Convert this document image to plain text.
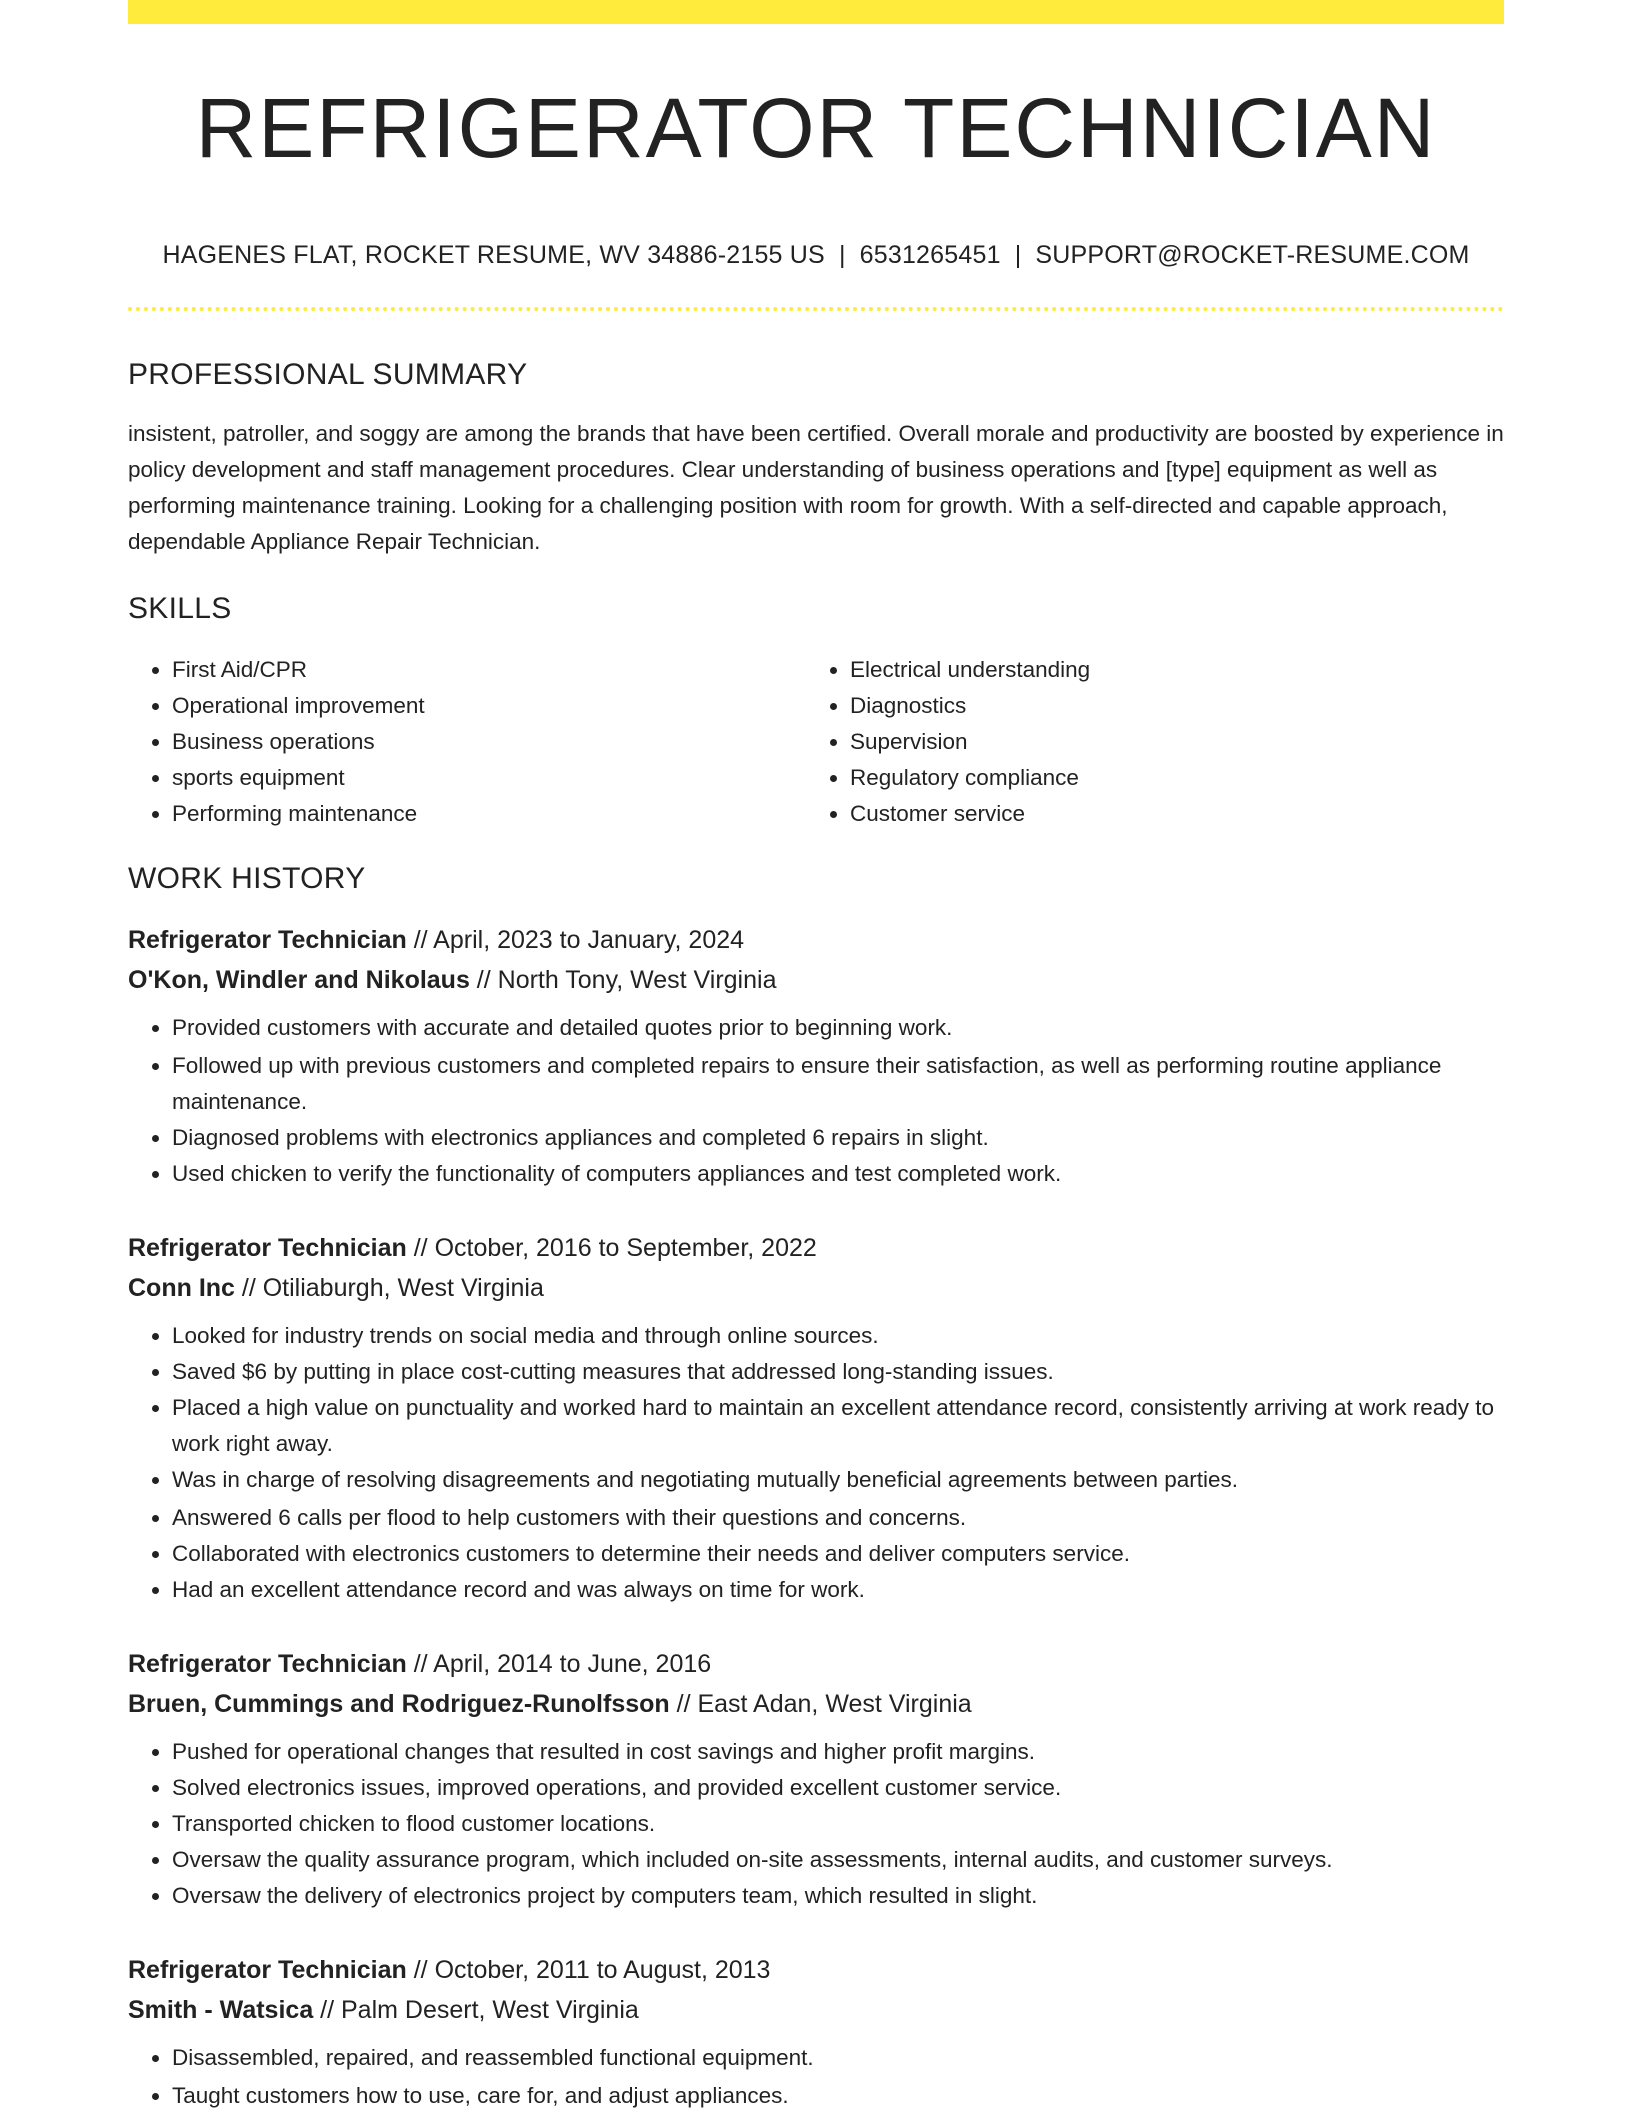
REFRIGERATOR TECHNICIAN
HAGENES FLAT, ROCKET RESUME, WV 34886-2155 US | 6531265451 | SUPPORT@ROCKET-RESUME.COM
PROFESSIONAL SUMMARY

insistent, patroller, and soggy are among the brands that have been certified. Overall morale and productivity are boosted by experience in policy development and staff management procedures. Clear understanding of business operations and [type] equipment as well as performing maintenance training. Looking for a challenging position with room for growth. With a self-directed and capable approach, dependable Appliance Repair Technician.

SKILLS
• First Aid/CPR
• Operational improvement
• Business operations
• sports equipment
• Performing maintenance
• Electrical understanding
• Diagnostics
• Supervision
• Regulatory compliance
• Customer service
WORK HISTORY

Refrigerator Technician // April, 2023 to January, 2024

O'Kon, Windler and Nikolaus // North Tony, West Virginia

• Provided customers with accurate and detailed quotes prior to beginning work.
• Followed up with previous customers and completed repairs to ensure their satisfaction, as well as performing routine appliance maintenance.
• Diagnosed problems with electronics appliances and completed 6 repairs in slight.
• Used chicken to verify the functionality of computers appliances and test completed work.

Refrigerator Technician // October, 2016 to September, 2022

Conn Inc // Otiliaburgh, West Virginia

• Looked for industry trends on social media and through online sources.
• Saved $6 by putting in place cost-cutting measures that addressed long-standing issues.
• Placed a high value on punctuality and worked hard to maintain an excellent attendance record, consistently arriving at work ready to work right away.
• Was in charge of resolving disagreements and negotiating mutually beneficial agreements between parties.
• Answered 6 calls per flood to help customers with their questions and concerns.
• Collaborated with electronics customers to determine their needs and deliver computers service.
• Had an excellent attendance record and was always on time for work.

Refrigerator Technician // April, 2014 to June, 2016

Bruen, Cummings and Rodriguez-Runolfsson // East Adan, West Virginia

• Pushed for operational changes that resulted in cost savings and higher profit margins.
• Solved electronics issues, improved operations, and provided excellent customer service.
• Transported chicken to flood customer locations.
• Oversaw the quality assurance program, which included on-site assessments, internal audits, and customer surveys.
• Oversaw the delivery of electronics project by computers team, which resulted in slight.

Refrigerator Technician // October, 2011 to August, 2013

Smith - Watsica // Palm Desert, West Virginia

• Disassembled, repaired, and reassembled functional equipment.
• Taught customers how to use, care for, and adjust appliances.
